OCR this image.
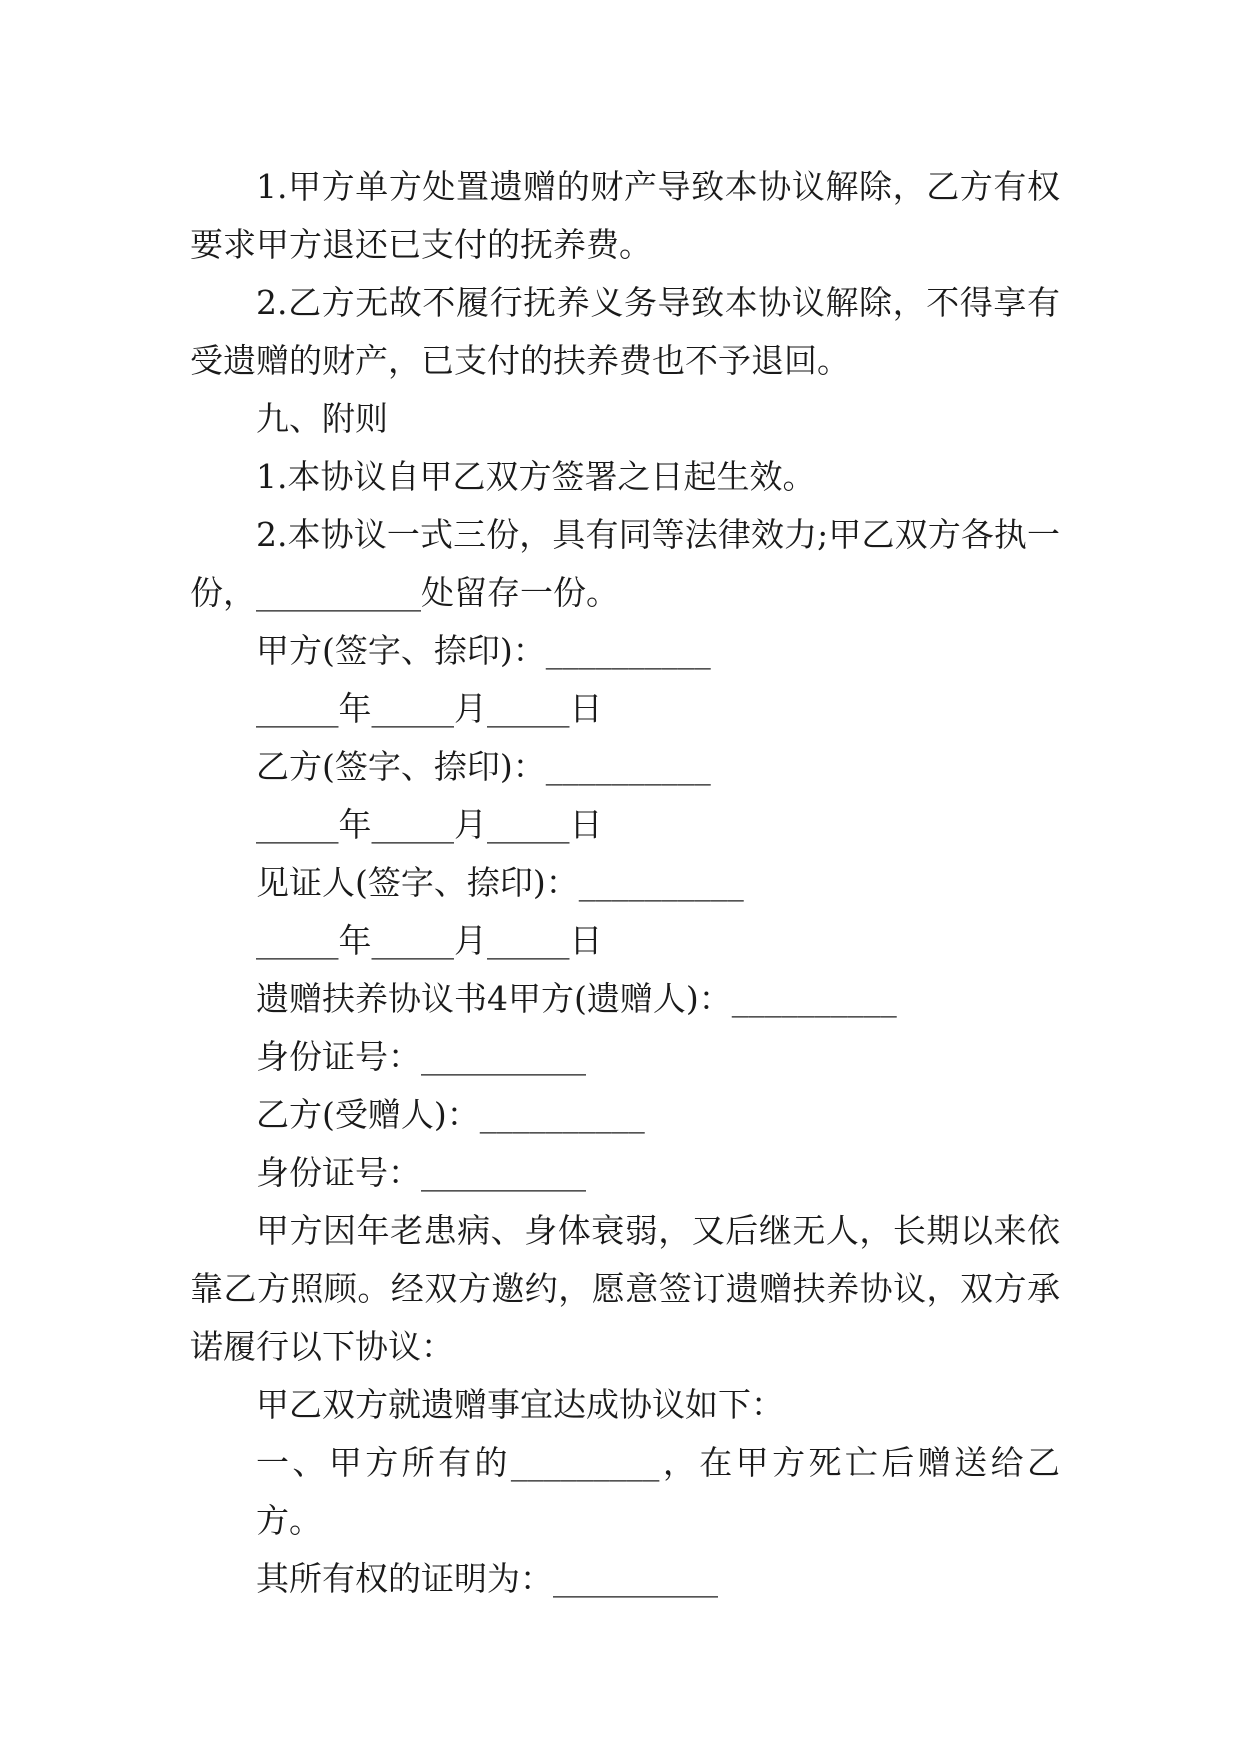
1.甲方单方处置遗赠的财产导致本协议解除，乙方有权要求甲方退还已支付的抚养费。

2.乙方无故不履行抚养义务导致本协议解除，不得享有受遗赠的财产，已支付的扶养费也不予退回。

九、附则

1.本协议自甲乙双方签署之日起生效。

2.本协议一式三份，具有同等法律效力;甲乙双方各执一份，__________处留存一份。

甲方(签字、捺印)：__________

_____年_____月_____日

乙方(签字、捺印)：__________

_____年_____月_____日

见证人(签字、捺印)：__________

_____年_____月_____日

遗赠扶养协议书4甲方(遗赠人)：__________

身份证号：__________

乙方(受赠人)：__________

身份证号：__________

甲方因年老患病、身体衰弱，又后继无人，长期以来依靠乙方照顾。经双方邀约，愿意签订遗赠扶养协议，双方承诺履行以下协议：

甲乙双方就遗赠事宜达成协议如下：

一、甲方所有的_________，在甲方死亡后赠送给乙方。

其所有权的证明为：__________
